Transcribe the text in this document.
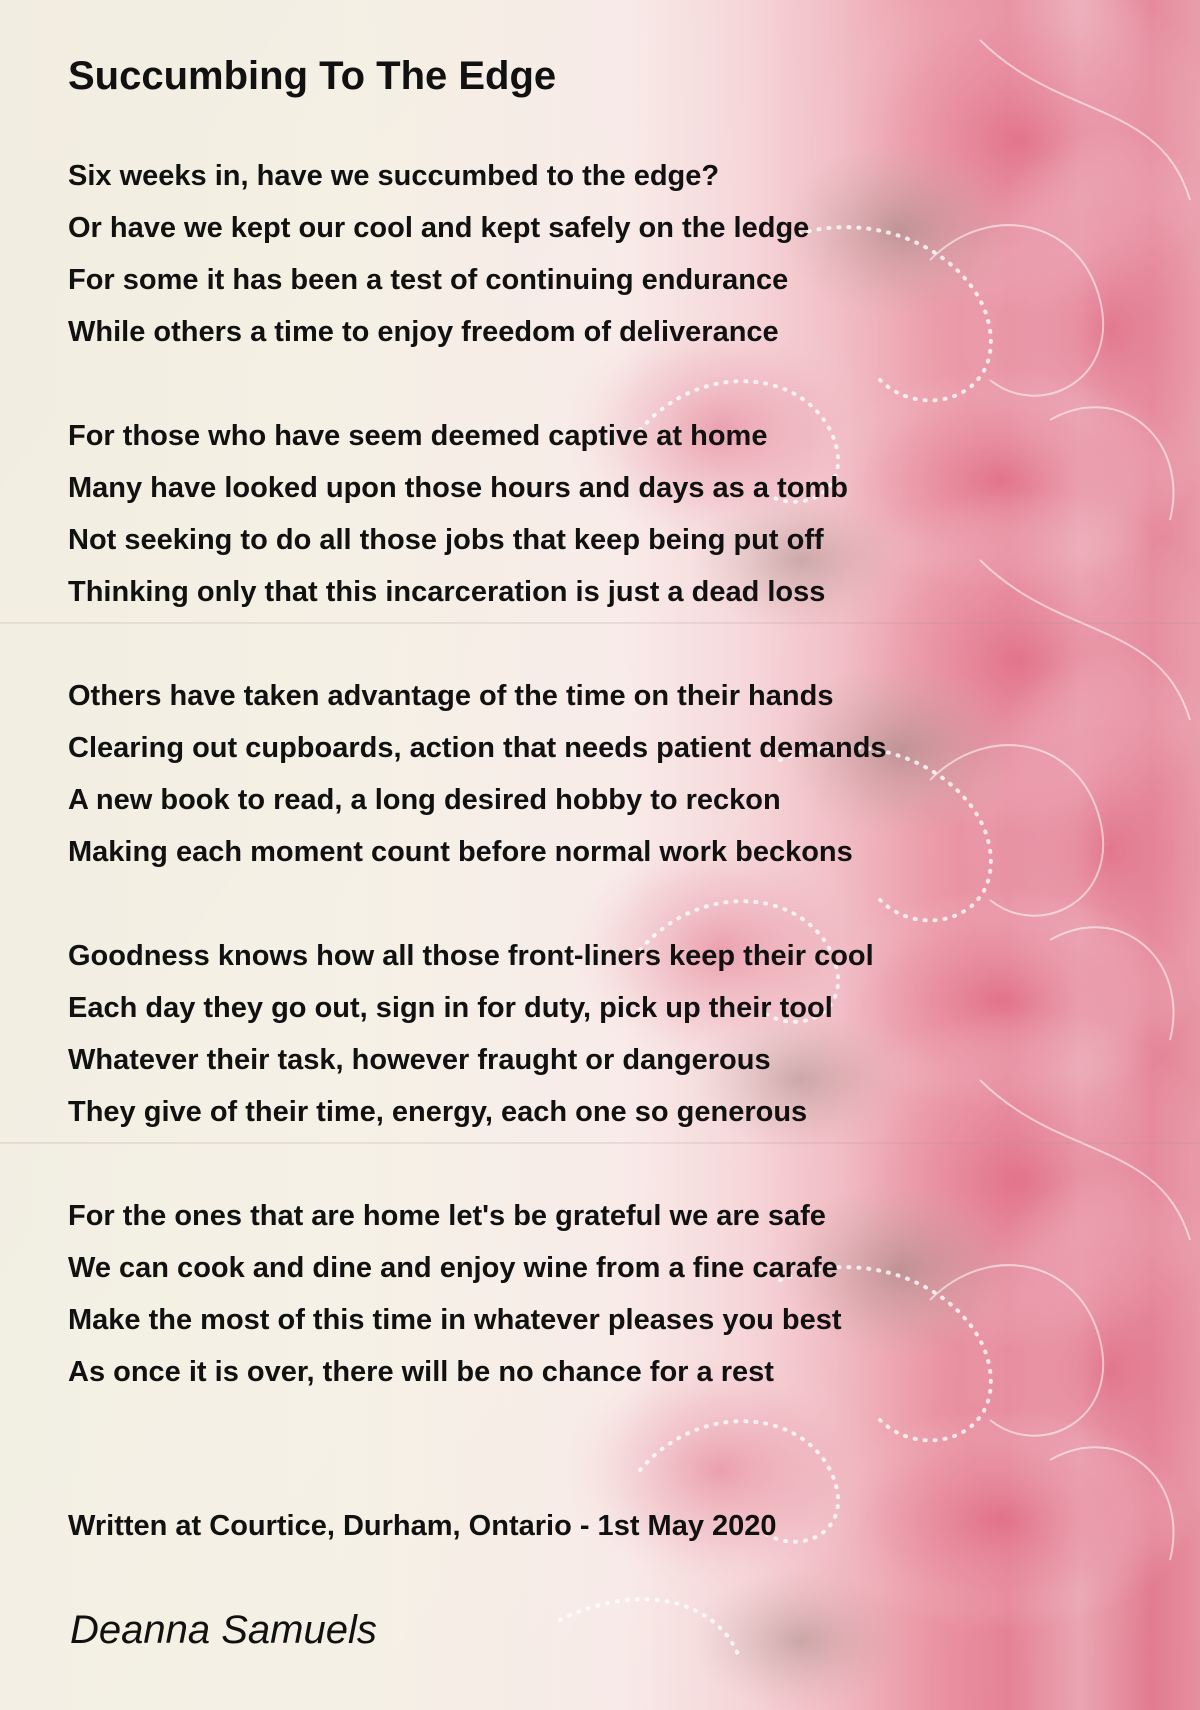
Succumbing To The Edge
Six weeks in, have we succumbed to the edge?
Or have we kept our cool and kept safely on the ledge
For some it has been a test of continuing endurance
While others a time to enjoy freedom of deliverance
For those who have seem deemed captive at home
Many have looked upon those hours and days as a tomb
Not seeking to do all those jobs that keep being put off
Thinking only that this incarceration is just a dead loss
Others have taken advantage of the time on their hands
Clearing out cupboards, action that needs patient demands
A new book to read, a long desired hobby to reckon
Making each moment count before normal work beckons
Goodness knows how all those front-liners keep their cool
Each day they go out, sign in for duty, pick up their tool
Whatever their task, however fraught or dangerous
They give of their time, energy, each one so generous
For the ones that are home let's be grateful we are safe
We can cook and dine and enjoy wine from a fine carafe
Make the most of this time in whatever pleases you best
As once it is over, there will be no chance for a rest
Written at Courtice, Durham, Ontario - 1st May 2020
Deanna Samuels
